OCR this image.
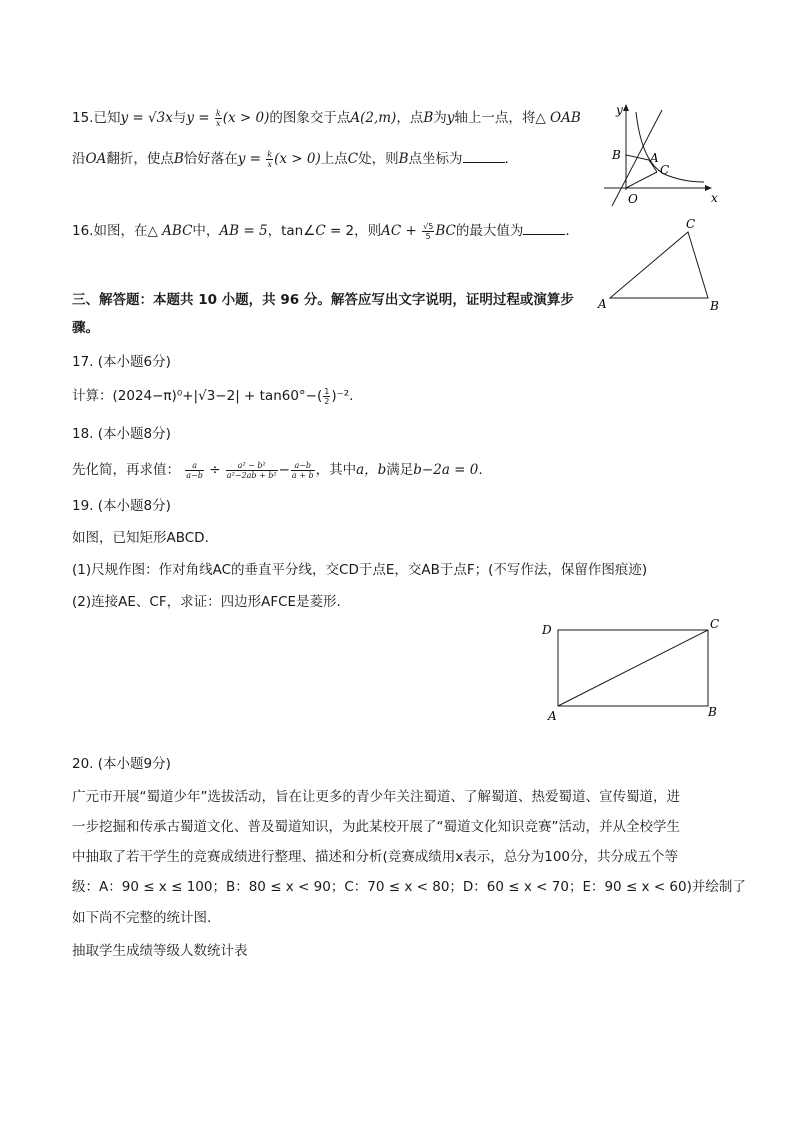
15.已知y = √3x与$y = \frac{k}{x} (x > 0)$的图象交于点A(2,m)，点B为y轴上一点，将△ OAB
沿OA翻折，使点B恰好落在$y = \frac{k}{x} (x > 0)$上点C处，则B点坐标为	.
y
x
O
B A
C
16.如图，在△ ABC中，AB = 5，tan∠C = 2，则AC + $\frac{√5}{5}$ BC的最大值为	.
A	B
C
三、解答题：本题共 10 小题，共 96 分。解答应写出文字说明，证明过程或演算步
骤。
17. (本小题6分)
计算：$(2024-\pi)^0+|√3-2| + \tan 60^\circ-( \frac{1}{2} )^{-2}$.
18. (本小题8分)
先化简，再求值： $\frac{a}{a-b} \div \frac{\text{a² − b²}}{\text{a²−2ab + b²}} - \frac{a-b}{a + b}$ ，其中a，b满足b−2a = 0.
19. (本小题8分)
如图，已知矩形ABCD.
(1)尺规作图：作对角线AC的垂直平分线，交CD于点E，交AB于点F；(不写作法，保留作图痕迹)
(2)连接AE、CF，求证：四边形AFCE是菱形.
D	C
A	B
20. (本小题9分)
广元市开展“蜀道少年”选拔活动，旨在让更多的青少年关注蜀道、了解蜀道、热爱蜀道、宣传蜀道，进
一步挖掘和传承古蜀道文化、普及蜀道知识，为此某校开展了“蜀道文化知识竞赛”活动，并从全校学生
中抽取了若干学生的竞赛成绩进行整理、描述和分析(竞赛成绩用x表示，总分为100分，共分成五个等
级：A：90 ≤ x ≤ 100；B：80 ≤ x < 90；C：70 ≤ x < 80；D：60 ≤ x < 70；E：90 ≤ x < 60)并绘制了
如下尚不完整的统计图.
抽取学生成绩等级人数统计表
